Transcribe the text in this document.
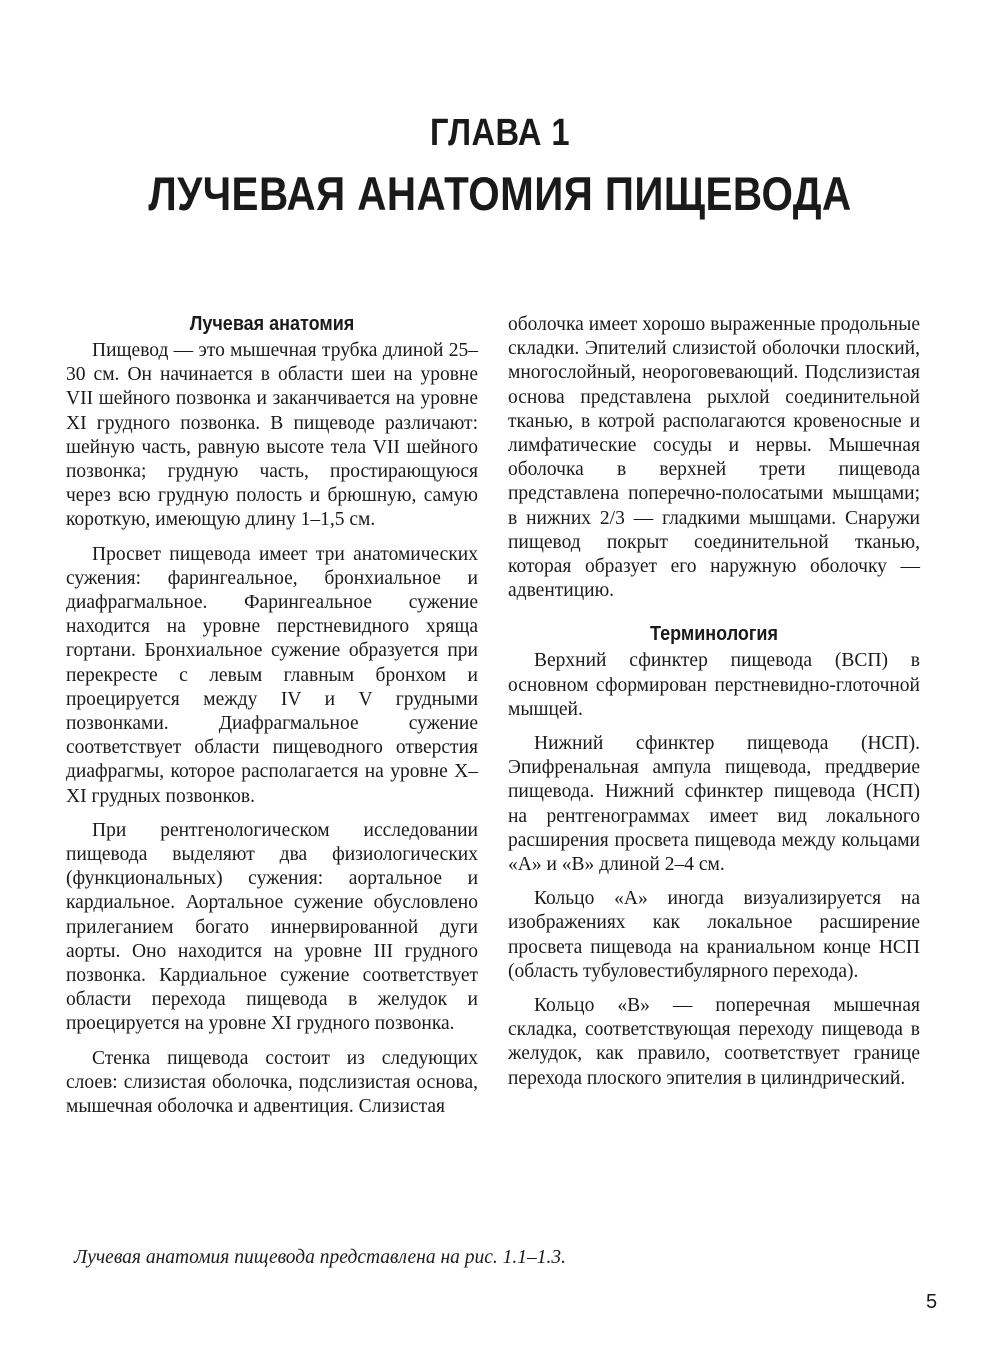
ГЛАВА 1
ЛУЧЕВАЯ АНАТОМИЯ ПИЩЕВОДА
Лучевая анатомия

Пищевод — это мышечная трубка длиной 25–30 см. Он начинается в области шеи на уровне VII шейного позвонка и заканчивается на уровне XI грудного позвонка. В пищеводе различают: шейную часть, равную высоте тела VII шейного позвонка; грудную часть, простирающуюся через всю грудную полость и брюшную, самую короткую, имеющую длину 1–1,5 см.

Просвет пищевода имеет три анатомических сужения: фарингеальное, бронхиальное и диафрагмальное. Фарингеальное сужение находится на уровне перстневидного хряща гортани. Бронхиальное сужение образуется при перекресте с левым главным бронхом и проецируется между IV и V грудными позвонками. Диафрагмальное сужение соответствует области пищеводного отверстия диафрагмы, которое располагается на уровне X–XI грудных позвонков.

При рентгенологическом исследовании пищевода выделяют два физиологических (функциональных) сужения: аортальное и кардиальное. Аортальное сужение обусловлено прилеганием богато иннервированной дуги аорты. Оно находится на уровне III грудного позвонка. Кардиальное сужение соответствует области перехода пищевода в желудок и проецируется на уровне XI грудного позвонка.

Стенка пищевода состоит из следующих слоев: слизистая оболочка, подслизистая основа, мышечная оболочка и адвентиция. Слизистая

оболочка имеет хорошо выраженные продольные складки. Эпителий слизистой оболочки плоский, многослойный, неороговевающий. Подслизистая основа представлена рыхлой соединительной тканью, в котрой располагаются кровеносные и лимфатические сосуды и нервы. Мышечная оболочка в верхней трети пищевода представлена поперечно-полосатыми мышцами; в нижних 2/3 — гладкими мышцами. Снаружи пищевод покрыт соединительной тканью, которая образует его наружную оболочку — адвентицию.

Терминология

Верхний сфинктер пищевода (ВСП) в основном сформирован перстневидно-глоточной мышцей.

Нижний сфинктер пищевода (НСП). Эпифренальная ампула пищевода, преддверие пищевода. Нижний сфинктер пищевода (НСП) на рентгенограммах имеет вид локального расширения просвета пищевода между кольцами «А» и «В» длиной 2–4 см.

Кольцо «А» иногда визуализируется на изображениях как локальное расширение просвета пищевода на краниальном конце НСП (область тубуловестибулярного перехода).

Кольцо «В» — поперечная мышечная складка, соответствующая переходу пищевода в желудок, как правило, соответствует границе перехода плоского эпителия в цилиндрический.

Лучевая анатомия пищевода представлена на рис. 1.1–1.3.
5
